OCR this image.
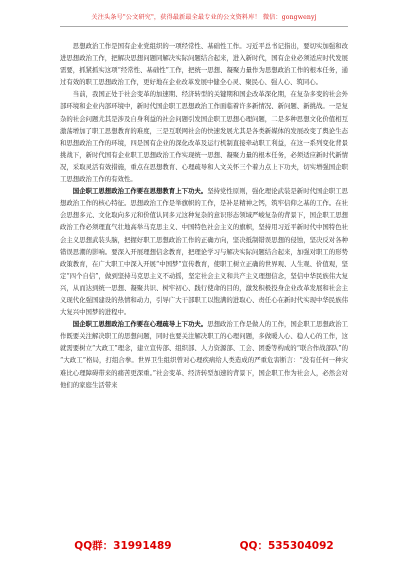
关注头条号"公文研究"，获得最新最全最专业的公文资料库！ 微信：gongwenyj

思想政治工作是国有企业党组织的一项经常性、基础性工作。习近平总书记指出，要切实加强和改进思想政治工作，把解决思想问题同解决实际问题结合起来，进入新时代，国有企业必须适应时代发展需要，抓紧抓实这项“经常性、基础性”工作，把统一思想、凝聚力量作为思想政治工作的根本任务，通过有效的职工思想政治工作，更好地在企业改革发展中健全心灵、聚民心、强人心、筑同心。

当前，我国正处于社会变革的加速期、经济转型的关键期和国企改革深化期，在复杂多变的社会外部环境和企业内部环境中，新时代国企职工思想政治工作面临着许多新情况、新问题、新挑战。一是复杂的社会问题尤其是涉及自身利益的社会问题引发国企职工思想心理问题，二是多种思想文化价值相互激荡增加了职工思想教育的难度，三是互联网社会的快速发展尤其是各类新媒体的发展改变了舆论生态和思想政治工作的环境，四是国有企业的深化改革及运行机制直接牵动职工利益，在这一系列变化背景挑战下，新时代国有企业职工思想政治工作实现统一思想、凝聚力量的根本任务，必须适应新时代新情况，采取灵活有效措施，重点在思想教育、心理疏导和人文关怀三个着力点上下功夫，切实增强国企职工思想政治工作的有效性。

国企职工思想政治工作要在思想教育上下功夫。坚持党性原则，强化理论武装是新时代国企职工思想政治工作的核心特征。思想政治工作是举旗帜的工作，是补足精神之钙，筑牢信仰之基的工作。在社会思想多元、文化取向多元和价值认同多元这种复杂的意识形态领域严峻复杂的背景下，国企职工思想政治工作必须理直气壮地高举马克思主义、中国特色社会主义的旗帜，坚持用习近平新时代中国特色社会主义思想武装头脑，把握好职工思想政治工作的正确方向，坚决抵制错误思想的侵蚀，坚决反对各种错误思潮的影响。要深入开展理想信念教育，把理论学习与解决实际问题结合起来，加强对职工的形势政策教育，在广大职工中深入开展“中国梦”宣传教育，使职工树立正确的世界观、人生观、价值观，坚定“四个自信”，做到坚持马克思主义不动摇，坚定社会主义和共产主义理想信念，坚信中华民族伟大复兴，从而达到统一思想、凝聚共识、树牢初心、践行使命的目的，激发积极投身企业改革发展和社会主义现代化强国建设的热情和动力，引导广大干部职工以饱满的进取心、责任心在新时代实现中华民族伟大复兴中国梦的进程中。

国企职工思想政治工作要在心理疏导上下功夫。思想政治工作是做人的工作，国企职工思想政治工作既要关注解决职工的思想问题，同时也要关注解决职工的心理问题，多做暖人心、稳人心的工作，这就需要树立“大政工”理念，建立宣传部、组织部、人力资源部、工会、团委等构成的“联合作战部队”的“大政工”格局，打组合拳。世界卫生组织曾对心理疾病给人类造成的严重危害断言：“没有任何一种灾难比心理障碍带来的痛苦更深重。”社会变革、经济转型加速的背景下，国企职工作为社会人，必然会对他们的家庭生活带来

QQ群：31991489	QQ：535304092
